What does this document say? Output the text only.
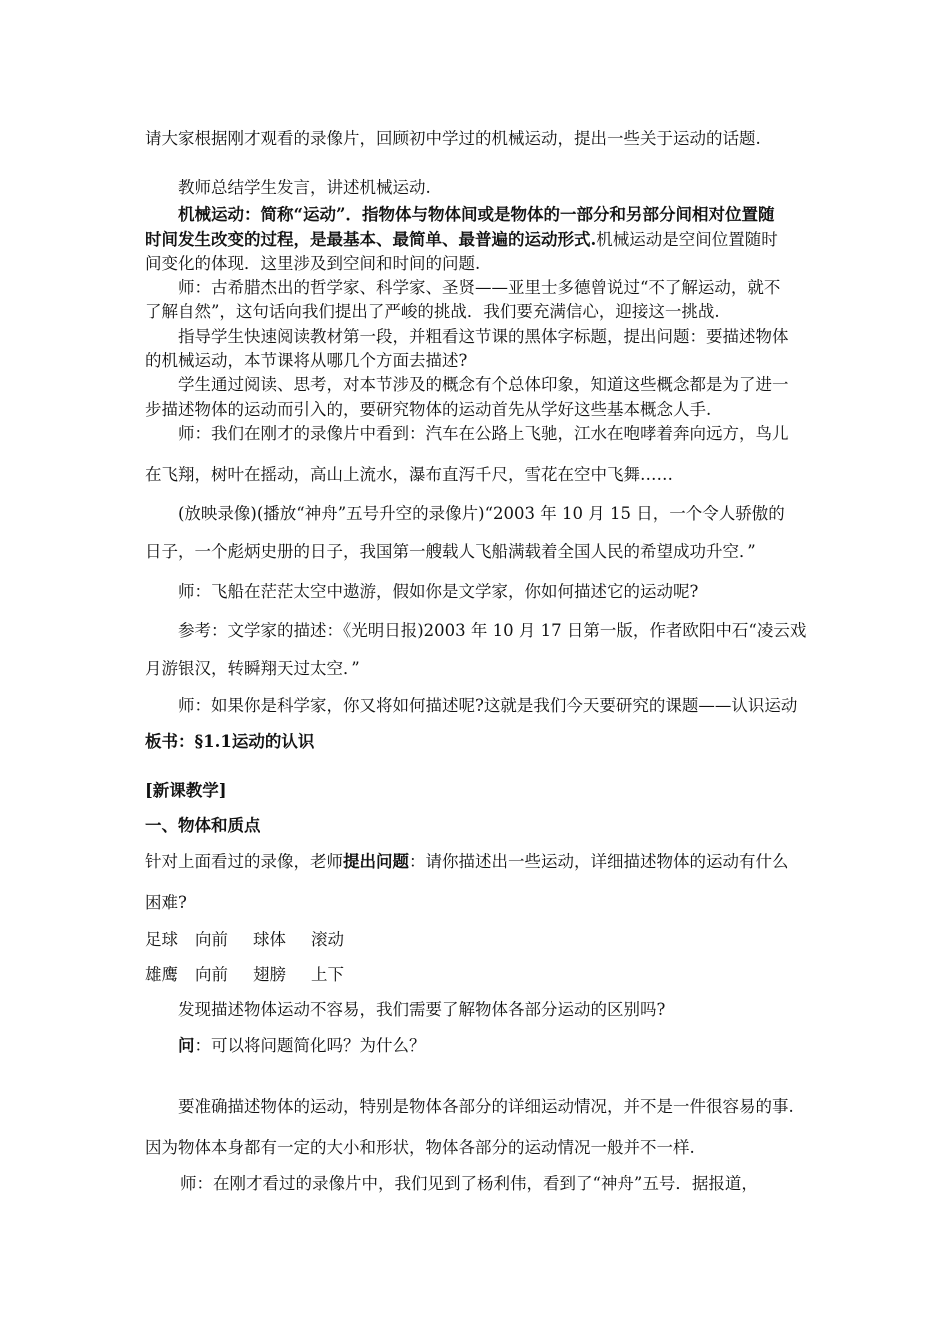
请大家根据刚才观看的录像片，回顾初中学过的机械运动，提出一些关于运动的话题.
教师总结学生发言，讲述机械运动.
机械运动：简称“运动”．指物体与物体间或是物体的一部分和另部分间相对位置随
时间发生改变的过程，是最基本、最简单、最普遍的运动形式.机械运动是空间位置随时
间变化的体现．这里涉及到空间和时间的问题.
师：古希腊杰出的哲学家、科学家、圣贤——亚里士多德曾说过“不了解运动，就不
了解自然”，这句话向我们提出了严峻的挑战．我们要充满信心，迎接这一挑战.
指导学生快速阅读教材第一段，并粗看这节课的黑体字标题，提出问题：要描述物体
的机械运动，本节课将从哪几个方面去描述?
学生通过阅读、思考，对本节涉及的概念有个总体印象，知道这些概念都是为了进一
步描述物体的运动而引入的，要研究物体的运动首先从学好这些基本概念人手.
师：我们在刚才的录像片中看到：汽车在公路上飞驰，江水在咆哮着奔向远方，鸟儿
在飞翔，树叶在摇动，高山上流水，瀑布直泻千尺，雪花在空中飞舞……
(放映录像)(播放“神舟”五号升空的录像片)“2003 年 10 月 15 日，一个令人骄傲的
日子，一个彪炳史册的日子，我国第一艘载人飞船满载着全国人民的希望成功升空．”
师：飞船在茫茫太空中遨游，假如你是文学家，你如何描述它的运动呢?
参考：文学家的描述：《光明日报)2003 年 10 月 17 日第一版，作者欧阳中石“凌云戏
月游银汉，转瞬翔天过太空．”
师：如果你是科学家，你又将如何描述呢?这就是我们今天要研究的课题——认识运动
板书：§1.1运动的认识
[新课教学]
一、物体和质点
针对上面看过的录像，老师提出问题：请你描述出一些运动，详细描述物体的运动有什么
困难?
足球 向前 球体 滚动
雄鹰 向前 翅膀 上下
发现描述物体运动不容易，我们需要了解物体各部分运动的区别吗?
问：可以将问题简化吗？为什么？
要准确描述物体的运动，特别是物体各部分的详细运动情况，并不是一件很容易的事.
因为物体本身都有一定的大小和形状，物体各部分的运动情况一般并不一样.
师：在刚才看过的录像片中，我们见到了杨利伟，看到了“神舟”五号．据报道，
